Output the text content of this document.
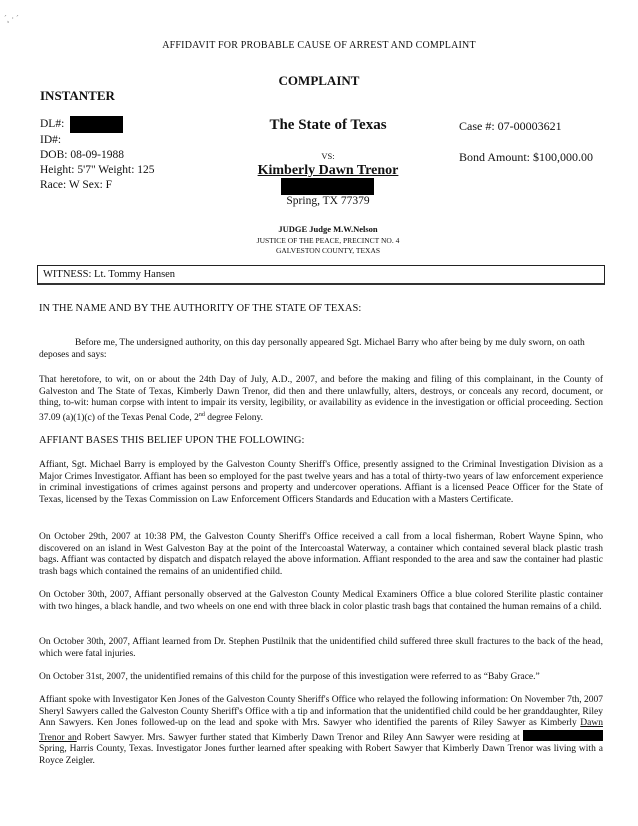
´¸ · ´
AFFIDAVIT FOR PROBABLE CAUSE OF ARREST AND COMPLAINT
COMPLAINT
INSTANTER
DL#:
ID#:
DOB: 08-09-1988
Height: 5'7" Weight: 125
Race: W Sex: F
The State of Texas
VS:
Kimberly Dawn Trenor
Spring, TX 77379
JUDGE Judge M.W.Nelson
JUSTICE OF THE PEACE, PRECINCT NO. 4
GALVESTON COUNTY, TEXAS
Case #: 07-00003621
Bond Amount: $100,000.00
WITNESS: Lt. Tommy Hansen
IN THE NAME AND BY THE AUTHORITY OF THE STATE OF TEXAS:

Before me, The undersigned authority, on this day personally appeared Sgt. Michael Barry who after being by me duly sworn, on oath deposes and says:

That heretofore, to wit, on or about the 24th Day of July, A.D., 2007, and before the making and filing of this complainant, in the County of Galveston and The State of Texas, Kimberly Dawn Trenor, did then and there unlawfully, alters, destroys, or conceals any record, document, or thing, to-wit: human corpse with intent to impair its versity, legibility, or availability as evidence in the investigation or official proceeding. Section 37.09 (a)(1)(c) of the Texas Penal Code, 2nd degree Felony.

AFFIANT BASES THIS BELIEF UPON THE FOLLOWING:

Affiant, Sgt. Michael Barry is employed by the Galveston County Sheriff's Office, presently assigned to the Criminal Investigation Division as a Major Crimes Investigator. Affiant has been so employed for the past twelve years and has a total of thirty-two years of law enforcement experience in criminal investigations of crimes against persons and property and undercover operations. Affiant is a licensed Peace Officer for the State of Texas, licensed by the Texas Commission on Law Enforcement Officers Standards and Education with a Masters Certificate.

On October 29th, 2007 at 10:38 PM, the Galveston County Sheriff's Office received a call from a local fisherman, Robert Wayne Spinn, who discovered on an island in West Galveston Bay at the point of the Intercoastal Waterway, a container which contained several black plastic trash bags. Affiant was contacted by dispatch and dispatch relayed the above information. Affiant responded to the area and saw the container had plastic trash bags which contained the remains of an unidentified child.

On October 30th, 2007, Affiant personally observed at the Galveston County Medical Examiners Office a blue colored Sterilite plastic container with two hinges, a black handle, and two wheels on one end with three black in color plastic trash bags that contained the human remains of a child.

On October 30th, 2007, Affiant learned from Dr. Stephen Pustilnik that the unidentified child suffered three skull fractures to the back of the head, which were fatal injuries.

On October 31st, 2007, the unidentified remains of this child for the purpose of this investigation were referred to as “Baby Grace.”

Affiant spoke with Investigator Ken Jones of the Galveston County Sheriff's Office who relayed the following information: On November 7th, 2007 Sheryl Sawyers called the Galveston County Sheriff's Office with a tip and information that the unidentified child could be her granddaughter, Riley Ann Sawyers. Ken Jones followed-up on the lead and spoke with Mrs. Sawyer who identified the parents of Riley Sawyer as Kimberly Dawn Trenor and Robert Sawyer. Mrs. Sawyer further stated that Kimberly Dawn Trenor and Riley Ann Sawyer were residing at  Spring, Harris County, Texas. Investigator Jones further learned after speaking with Robert Sawyer that Kimberly Dawn Trenor was living with a Royce Zeigler.
